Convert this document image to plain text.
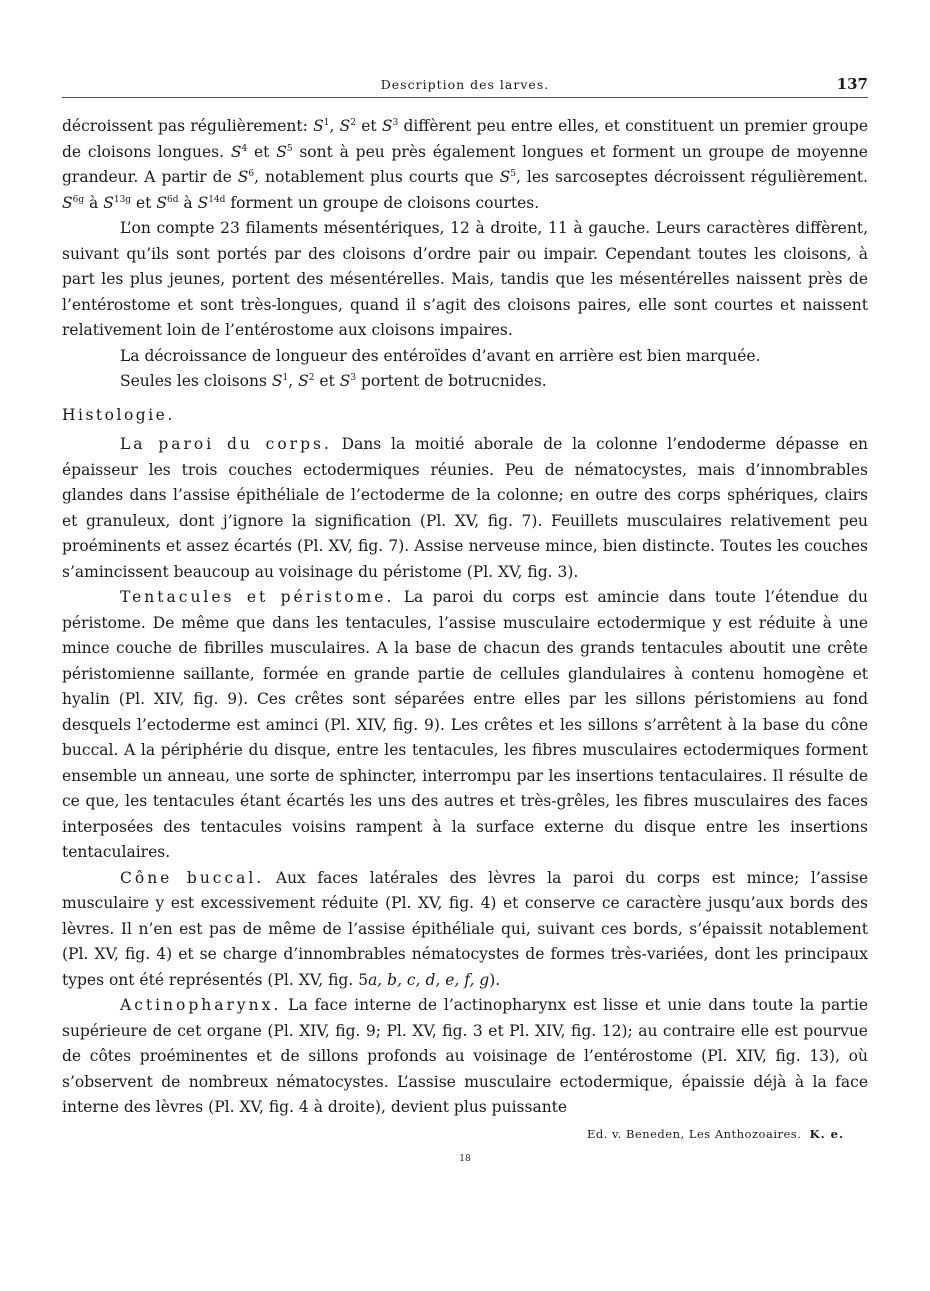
Description des larves.	137

décroissent pas régulièrement: $S^1$, $S^2$ et $S^3$ diffèrent peu entre elles, et constituent un premier groupe de cloisons longues. $S^4$ et $S^5$ sont à peu près également longues et forment un groupe de moyenne grandeur. A partir de $S^6$, notablement plus courts que $S^5$, les sarcoseptes décroissent régulièrement. $S^{6g}$ à $S^{13g}$ et $S^{6d}$ à $S^{14d}$ forment un groupe de cloisons courtes.

L’on compte 23 filaments mésentériques, 12 à droite, 11 à gauche. Leurs caractères diffèrent, suivant qu’ils sont portés par des cloisons d’ordre pair ou impair. Cependant toutes les cloisons, à part les plus jeunes, portent des mésentérelles. Mais, tandis que les mésentérelles naissent près de l’entérostome et sont très-longues, quand il s’agit des cloisons paires, elle sont courtes et naissent relativement loin de l’entérostome aux cloisons impaires.

La décroissance de longueur des entéroïdes d’avant en arrière est bien marquée.

Seules les cloisons $S^1$, $S^2$ et $S^3$ portent de botrucnides.

Histologie.

La paroi du corps. Dans la moitié aborale de la colonne l’endoderme dépasse en épaisseur les trois couches ectodermiques réunies. Peu de nématocystes, mais d’innombrables glandes dans l’assise épithéliale de l’ectoderme de la colonne; en outre des corps sphériques, clairs et granuleux, dont j’ignore la signification (Pl. XV, fig. 7). Feuillets musculaires relativement peu proéminents et assez écartés (Pl. XV, fig. 7). Assise nerveuse mince, bien distincte. Toutes les couches s’amincissent beaucoup au voisinage du péristome (Pl. XV, fig. 3).

Tentacules et péristome. La paroi du corps est amincie dans toute l’étendue du péristome. De même que dans les tentacules, l’assise musculaire ectodermique y est réduite à une mince couche de fibrilles musculaires. A la base de chacun des grands tentacules aboutit une crête péristomienne saillante, formée en grande partie de cellules glandulaires à contenu homogène et hyalin (Pl. XIV, fig. 9). Ces crêtes sont séparées entre elles par les sillons péristomiens au fond desquels l’ectoderme est aminci (Pl. XIV, fig. 9). Les crêtes et les sillons s’arrêtent à la base du cône buccal. A la périphérie du disque, entre les tentacules, les fibres musculaires ectodermiques forment ensemble un anneau, une sorte de sphincter, interrompu par les insertions tentaculaires. Il résulte de ce que, les tentacules étant écartés les uns des autres et très-grêles, les fibres musculaires des faces interposées des tentacules voisins rampent à la surface externe du disque entre les insertions tentaculaires.

Cône buccal. Aux faces latérales des lèvres la paroi du corps est mince; l’assise musculaire y est excessivement réduite (Pl. XV, fig. 4) et conserve ce caractère jusqu’aux bords des lèvres. Il n’en est pas de même de l’assise épithéliale qui, suivant ces bords, s’épaissit notablement (Pl. XV, fig. 4) et se charge d’innombrables nématocystes de formes très-variées, dont les principaux types ont été représentés (Pl. XV, fig. 5a, b, c, d, e, f, g).

Actinopharynx. La face interne de l’actinopharynx est lisse et unie dans toute la partie supérieure de cet organe (Pl. XIV, fig. 9; Pl. XV, fig. 3 et Pl. XIV, fig. 12); au contraire elle est pourvue de côtes proéminentes et de sillons profonds au voisinage de l’entérostome (Pl. XIV, fig. 13), où s’observent de nombreux nématocystes. L’assise musculaire ectodermique, épaissie déjà à la face interne des lèvres (Pl. XV, fig. 4 à droite), devient plus puissante

Ed. v. Beneden, Les Anthozoaires. K. e.
18
